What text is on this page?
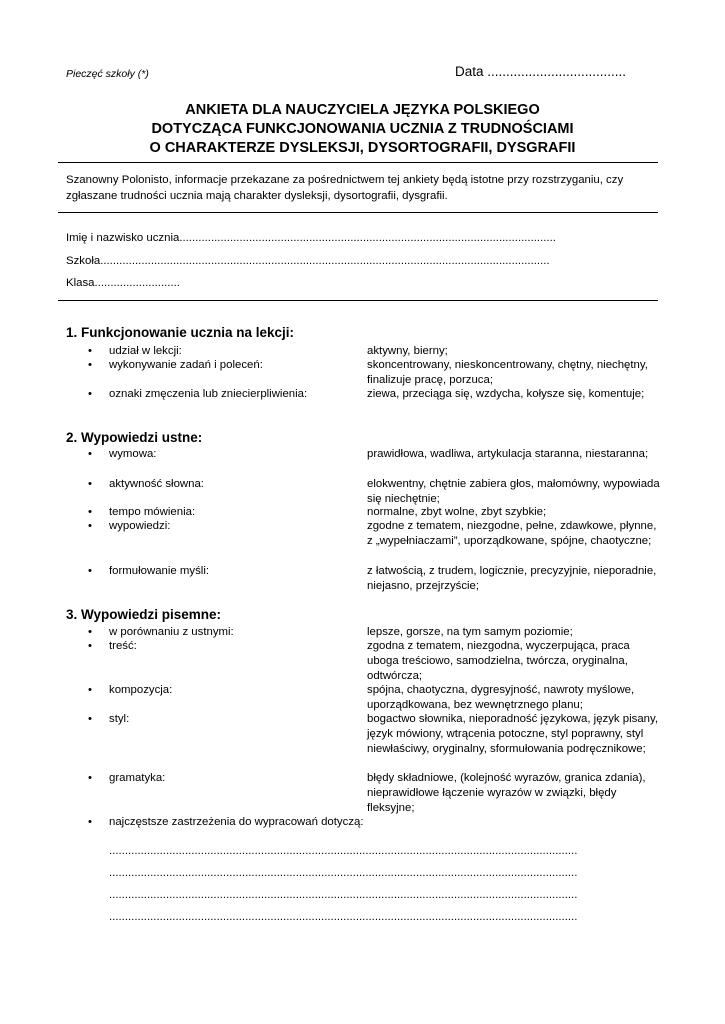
Pieczęć szkoły (*)	Data .....................................
ANKIETA DLA NAUCZYCIELA JĘZYKA POLSKIEGO
DOTYCZĄCA FUNKCJONOWANIA UCZNIA Z TRUDNOŚCIAMI
O CHARAKTERZE DYSLEKSJI, DYSORTOGRAFII, DYSGRAFII
Szanowny Polonisto, informacje przekazane za pośrednictwem tej ankiety będą istotne przy rozstrzyganiu, czy zgłaszane trudności ucznia mają charakter dysleksji, dysortografii, dysgrafii.
Imię i nazwisko ucznia.......................................................................................................................
Szkoła..............................................................................................................................................
Klasa...........................
1. Funkcjonowanie ucznia na lekcji:
• udział w lekcji:	aktywny, bierny;
• wykonywanie zadań i poleceń:	skoncentrowany, nieskoncentrowany, chętny, niechętny, finalizuje pracę, porzuca;
• oznaki zmęczenia lub zniecierpliwienia:	ziewa, przeciąga się, wzdycha, kołysze się, komentuje;
2. Wypowiedzi ustne:
• wymowa:	prawidłowa, wadliwa, artykulacja staranna, niestaranna;
• aktywność słowna:	elokwentny, chętnie zabiera głos, małomówny, wypowiada się niechętnie;
• tempo mówienia:	normalne, zbyt wolne, zbyt szybkie;
• wypowiedzi:	zgodne z tematem, niezgodne, pełne, zdawkowe, płynne, z „wypełniaczami”, uporządkowane, spójne, chaotyczne;
• formułowanie myśli:	z łatwością, z trudem, logicznie, precyzyjnie, nieporadnie, niejasno, przejrzyście;
3. Wypowiedzi pisemne:
• w porównaniu z ustnymi:	lepsze, gorsze, na tym samym poziomie;
• treść:	zgodna z tematem, niezgodna, wyczerpująca, praca uboga treściowo, samodzielna, twórcza, oryginalna, odtwórcza;
• kompozycja:	spójna, chaotyczna, dygresyjność, nawroty myślowe, uporządkowana, bez wewnętrznego planu;
• styl:	bogactwo słownika, nieporadność językowa, język pisany, język mówiony, wtrącenia potoczne, styl poprawny, styl niewłaściwy, oryginalny, sformułowania podręcznikowe;
• gramatyka:	błędy składniowe, (kolejność wyrazów, granica zdania), nieprawidłowe łączenie wyrazów w związki, błędy fleksyjne;
• najczęstsze zastrzeżenia do wypracowań dotyczą:
....................................................................................................................................................
....................................................................................................................................................
....................................................................................................................................................
....................................................................................................................................................
